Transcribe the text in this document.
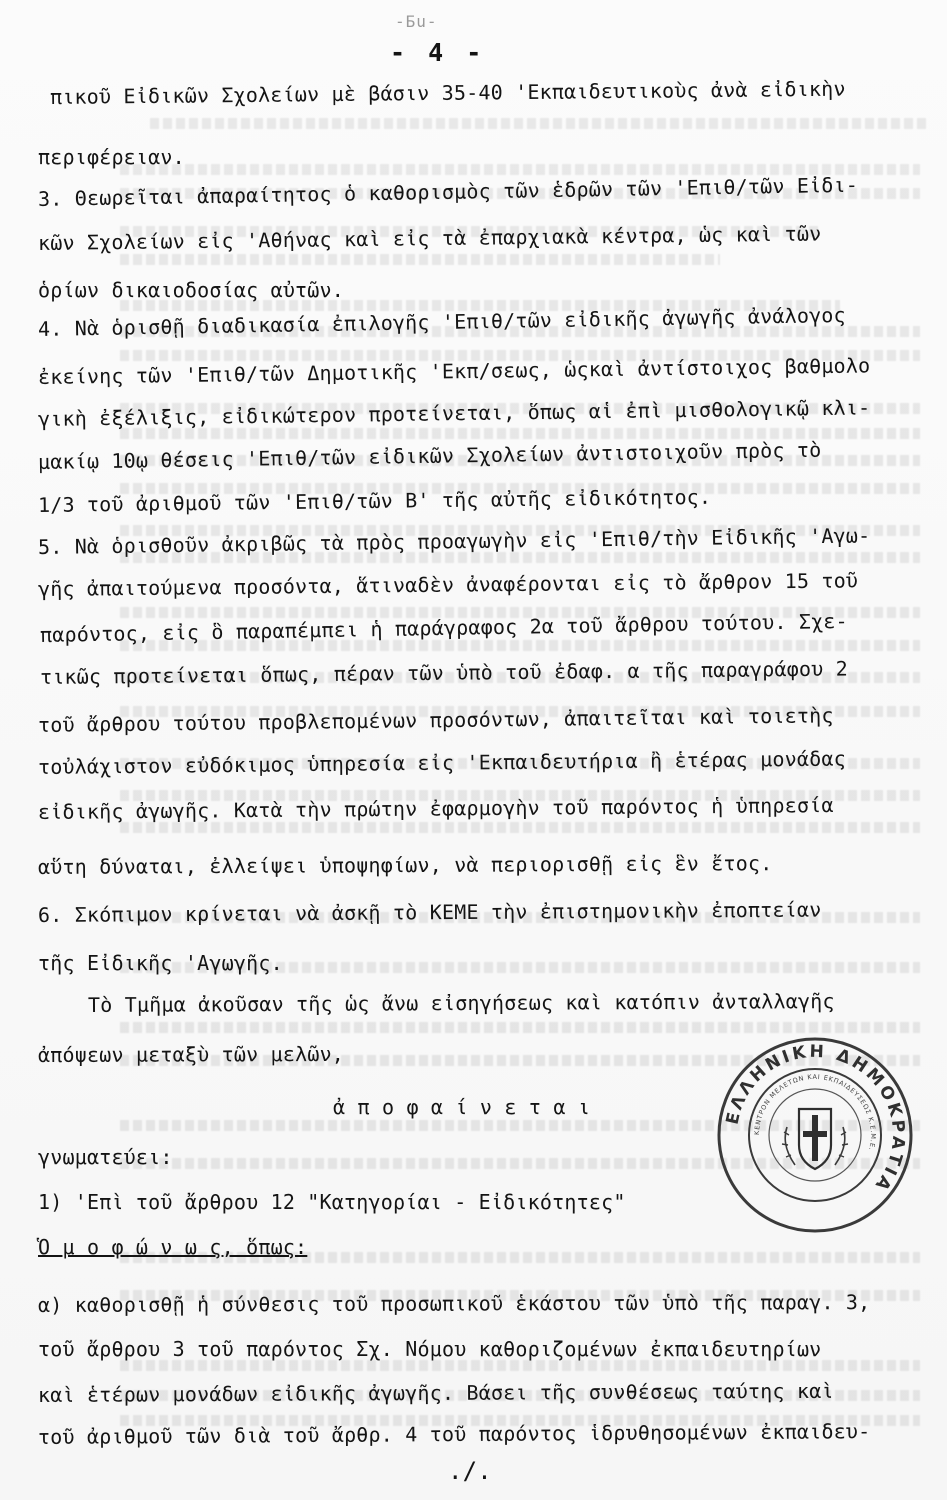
-Бu-
- 4 -
πικοῦ Εἰδικῶν Σχολείων μὲ βάσιν 35-40 'Εκπαιδευτικοὺς ἀνὰ εἰδικὴν
περιφέρειαν.
3. Θεωρεῖται ἀπαραίτητος ὁ καθορισμὸς τῶν ἑδρῶν τῶν 'Επιθ/τῶν Εἰδι-
κῶν Σχολείων εἰς 'Αθήνας καὶ εἰς τὰ ἐπαρχιακὰ κέντρα, ὡς καὶ τῶν
ὁρίων δικαιοδοσίας αὐτῶν.
4. Νὰ ὁρισθῇ διαδικασία ἐπιλογῆς 'Επιθ/τῶν εἰδικῆς ἀγωγῆς ἀνάλογος
ἐκείνης τῶν 'Επιθ/τῶν Δημοτικῆς 'Εκπ/σεως, ὡςκαὶ ἀντίστοιχος βαθμολο
γικὴ ἐξέλιξις, εἰδικώτερον προτείνεται, ὅπως αἱ ἐπὶ μισθολογικῷ κλι-
μακίῳ 10ῳ θέσεις 'Επιθ/τῶν εἰδικῶν Σχολείων ἀντιστοιχοῦν πρὸς τὸ
1/3 τοῦ ἀριθμοῦ τῶν 'Επιθ/τῶν Β' τῆς αὐτῆς εἰδικότητος.
5. Νὰ ὁρισθοῦν ἀκριβῶς τὰ πρὸς προαγωγὴν εἰς 'Επιθ/τὴν Εἰδικῆς 'Αγω-
γῆς ἀπαιτούμενα προσόντα, ἅτιναδὲν ἀναφέρονται εἰς τὸ ἄρθρον 15 τοῦ
παρόντος, εἰς ὃ παραπέμπει ἡ παράγραφος 2α τοῦ ἄρθρου τούτου. Σχε-
τικῶς προτείνεται ὅπως, πέραν τῶν ὑπὸ τοῦ ἐδαφ. α τῆς παραγράφου 2
τοῦ ἄρθρου τούτου προβλεπομένων προσόντων, ἀπαιτεῖται καὶ τοιετὴς
τοὐλάχιστον εὐδόκιμος ὑπηρεσία εἰς 'Εκπαιδευτήρια ἢ ἑτέρας μονάδας
εἰδικῆς ἀγωγῆς. Κατὰ τὴν πρώτην ἐφαρμογὴν τοῦ παρόντος ἡ ὑπηρεσία
αὕτη δύναται, ἐλλείψει ὑποψηφίων, νὰ περιορισθῇ εἰς ἓν ἔτος.
6. Σκόπιμον κρίνεται νὰ ἀσκῇ τὸ ΚΕΜΕ τὴν ἐπιστημονικὴν ἐποπτείαν
τῆς Εἰδικῆς 'Αγωγῆς.
Τὸ Τμῆμα ἀκοῦσαν τῆς ὡς ἄνω εἰσηγήσεως καὶ κατόπιν ἀνταλλαγῆς
ἀπόψεων μεταξὺ τῶν μελῶν,
ἀ π ο φ α ί ν ε τ α ι
γνωματεύει:
1) 'Επὶ τοῦ ἄρθρου 12 "Κατηγορίαι - Εἰδικότητες"
Ὁ μ ο φ ώ ν ω ς, ὅπως:
α) καθορισθῇ ἡ σύνθεσις τοῦ προσωπικοῦ ἑκάστου τῶν ὑπὸ τῆς παραγ. 3,
τοῦ ἄρθρου 3 τοῦ παρόντος Σχ. Νόμου καθοριζομένων ἐκπαιδευτηρίων
καὶ ἑτέρων μονάδων εἰδικῆς ἀγωγῆς. Βάσει τῆς συνθέσεως ταύτης καὶ
τοῦ ἀριθμοῦ τῶν διὰ τοῦ ἄρθρ. 4 τοῦ παρόντος ἱδρυθησομένων ἐκπαιδευ-
./.
ΕΛΛΗΝΙΚΗ ΔΗΜΟΚΡΑΤΙΑ
ΚΕΝΤΡΟΝ ΜΕΛΕΤΩΝ ΚΑΙ ΕΚΠΑΙΔΕΥΣΕΩΣ Κ.Ε.Μ.Ε.
